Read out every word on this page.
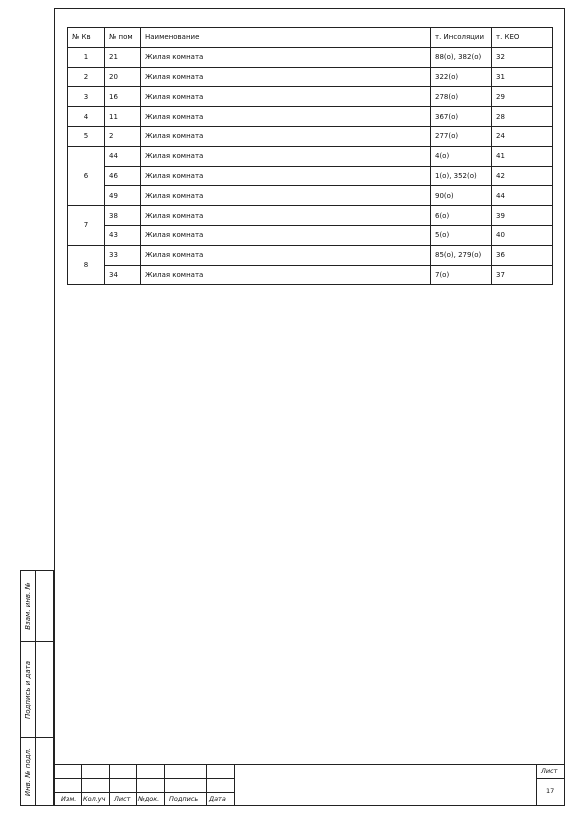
№ Кв	№ пом	Наименование	т. Инсоляции	т. КЕО
1	21	Жилая комната	88(о), 382(о)	32
2	20	Жилая комната	322(о)	31
3	16	Жилая комната	278(о)	29
4	11	Жилая комната	367(о)	28
5	2	Жилая комната	277(о)	24
6	44	Жилая комната	4(о)	41
	46	Жилая комната	1(о), 352(о)	42
	49	Жилая комната	90(о)	44
7	38	Жилая комната	6(о)	39
	43	Жилая комната	5(о)	40
8	33	Жилая комната	85(о), 279(о)	36
	34	Жилая комната	7(о)	37
Взам. инв. №
Подпись и дата
Инв. № подл.
Изм. Кол.уч Лист №док. Подпись Дата
Лист
17
